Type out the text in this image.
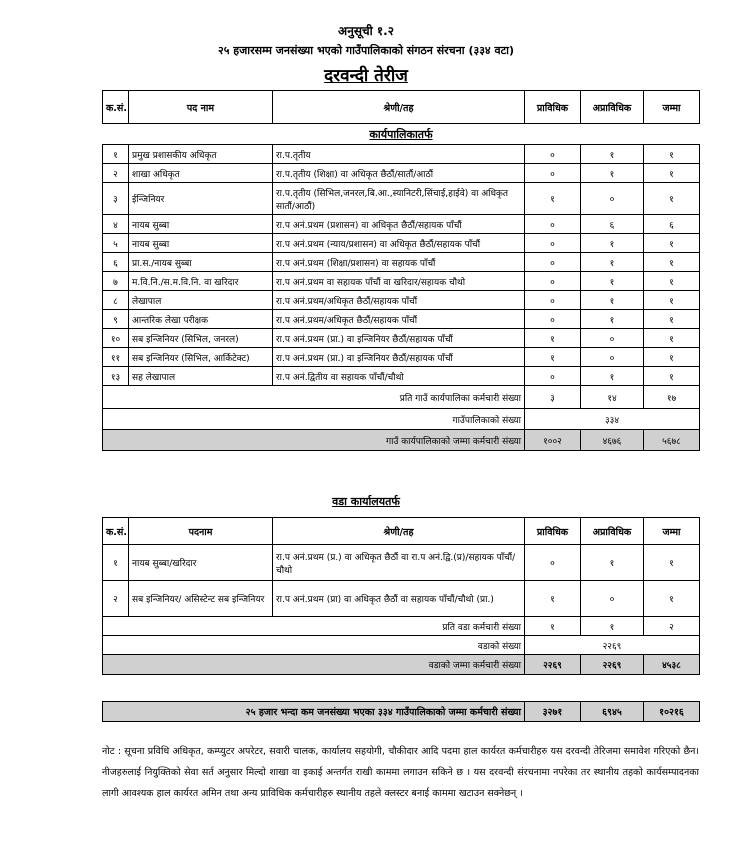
अनुसूची १.२
२५ हजारसम्म जनसंख्या भएको गाउँपालिकाको संगठन संरचना (३३४ वटा)
दरवन्दी तेरीज
क.सं.	पद नाम	श्रेणी/तह	प्राविधिक	अप्राविधिक	जम्मा
कार्यपालिकातर्फ					
१	प्रमुख प्रशासकीय अधिकृत	रा.प.तृतीय	०	१	१
२	शाखा अधिकृत	रा.प.तृतीय (शिक्षा) वा अधिकृत छैठौं/सातौं/आठौं	०	१	१
३	ईन्जिनियर	रा.प.तृतीय (सिभिल,जनरल,बि.आ.,स्यानिटरी,सिंचाई,हाईवे) वा अधिकृत सातौं/आठौं)	१	०	१
४	नायब सुब्बा	रा.प अनं.प्रथम (प्रशासन) वा अधिकृत छैठौं/सहायक पाँचौं	०	६	६
५	नायब सुब्बा	रा.प अनं.प्रथम (न्याय/प्रशासन) वा अधिकृत छैठौं/सहायक पाँचौं	०	१	१
६	प्रा.स./नायब सुब्बा	रा.प अनं.प्रथम (शिक्षा/प्रशासन) वा सहायक पाँचौं	०	१	१
७	म.वि.नि./स.म.वि.नि. वा खरिदार	रा.प अनं.प्रथम वा सहायक पाँचौं वा खरिदार/सहायक चौथो	०	१	१
८	लेखापाल	रा.प अनं.प्रथम/अधिकृत छैठौं/सहायक पाँचौं	०	१	१
९	आन्तरिक लेखा परीक्षक	रा.प अनं.प्रथम/अधिकृत छैठौं/सहायक पाँचौं	०	१	१
१०	सब इन्जिनियर (सिभिल, जनरल)	रा.प अनं.प्रथम (प्रा.) वा इन्जिनियर छैठौं/सहायक पाँचौं	१	०	१
११	सब इन्जिनियर (सिभिल, आर्किटेक्ट)	रा.प अनं.प्रथम (प्रा.) वा इन्जिनियर छैठौं/सहायक पाँचौं	१	०	१
१३	सह लेखापाल	रा.प अनं.द्वितीय वा सहायक पाँचौं/चौथो	०	१	१
प्रति गाउँ कार्यपालिका कर्मचारी संख्या			३	१४	१७
गाउँपालिकाको संख्या			३३४		
गाउँ कार्यपालिकाको जम्मा कर्मचारी संख्या			१००२	४६७६	५६७८
वडा कार्यालयतर्फ
क.सं.	पदनाम	श्रेणी/तह	प्राविधिक	अप्राविधिक	जम्मा
१	नायब सुब्बा/खरिदार	रा.प अनं.प्रथम (प्र.) वा अधिकृत छैठौं वा रा.प अनं.द्वि.(प्र)/सहायक पाँचौं/चौथो	०	१	१
२	सब इन्जिनियर/ असिस्टेन्ट सब इन्जिनियर	रा.प अनं.प्रथम (प्रा) वा अधिकृत छैठौं वा सहायक पाँचौं/चौथो (प्रा.)	१	०	१
प्रति वडा कर्मचारी संख्या			१	१	२
वडाको संख्या			२२६९		
वडाको जम्मा कर्मचारी संख्या			२२६९	२२६९	४५३८
२५ हजार भन्दा कम जनसंख्या भएका ३३४ गाउँपालिकाको जम्मा कर्मचारी संख्या	३२७१	६९४५	१०२१६
नोट : सूचना प्रविधि अधिकृत, कम्प्युटर अपरेटर, सवारी चालक, कार्यालय सहयोगी, चौकीदार आदि पदमा हाल कार्यरत कर्मचारीहरु यस दरवन्दी तेरिजमा समावेश गरिएको छैन। नीजहरुलाई नियुक्तिको सेवा सर्त अनुसार मिल्दो शाखा वा इकाई अन्तर्गत राखी काममा लगाउन सकिने छ । यस दरवन्दी संरचनामा नपरेका तर स्थानीय तहको कार्यसम्पादनका लागी आवश्यक हाल कार्यरत अमिन तथा अन्य प्राविधिक कर्मचारीहरु स्थानीय तहले क्लस्टर बनाई काममा खटाउन सक्नेछन् ।
